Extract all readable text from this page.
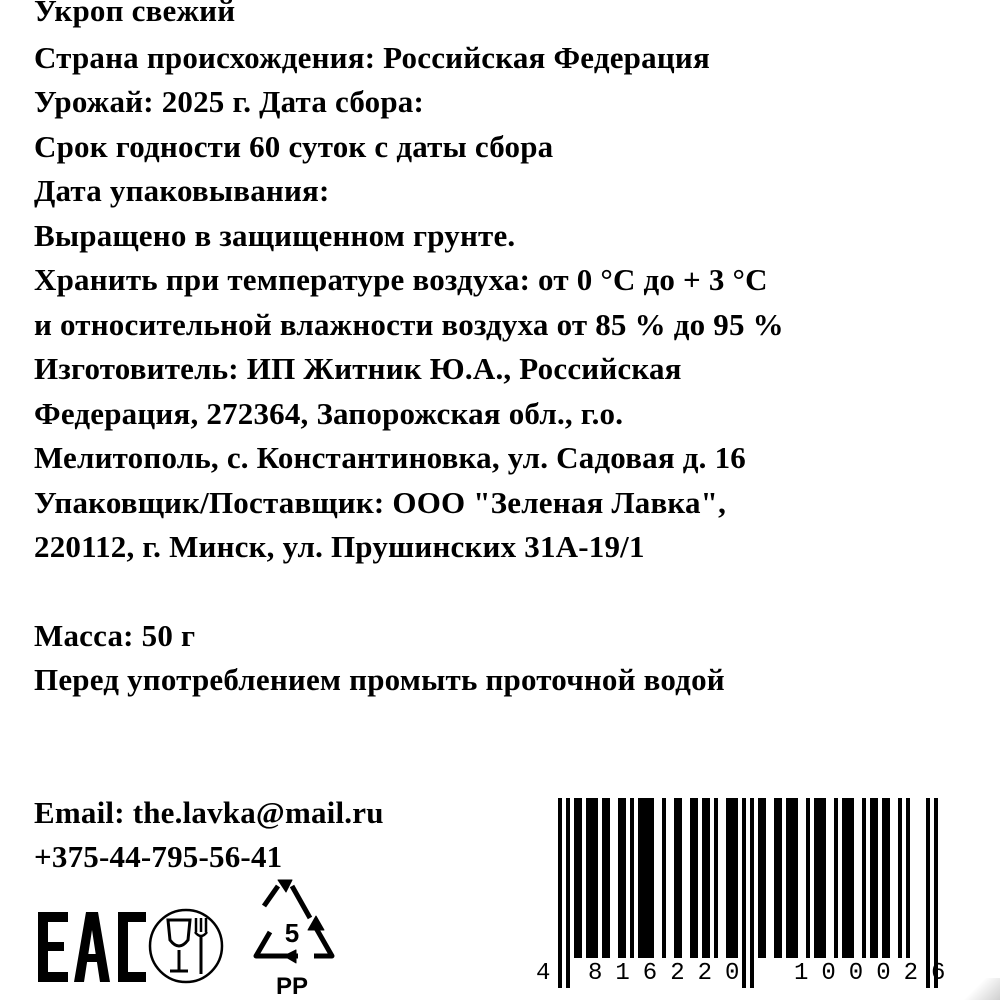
Укроп свежий
Страна происхождения: Российская Федерация
Урожай: 2025 г. Дата сбора:
Срок годности 60 суток с даты сбора
Дата упаковывания:
Выращено в защищенном грунте.
Хранить при температуре воздуха: от 0 °С до + 3 °С
и относительной влажности воздуха от 85 % до 95 %
Изготовитель: ИП Житник Ю.А., Российская
Федерация, 272364, Запорожская обл., г.о.
Мелитополь, с. Константиновка, ул. Садовая д. 16
Упаковщик/Поставщик: ООО "Зеленая Лавка",
220112, г. Минск, ул. Прушинских 31А-19/1
Масса: 50 г
Перед употреблением промыть проточной водой
Email: the.lavka@mail.ru
+375-44-795-56-41
5
PP	4 816220 100026
